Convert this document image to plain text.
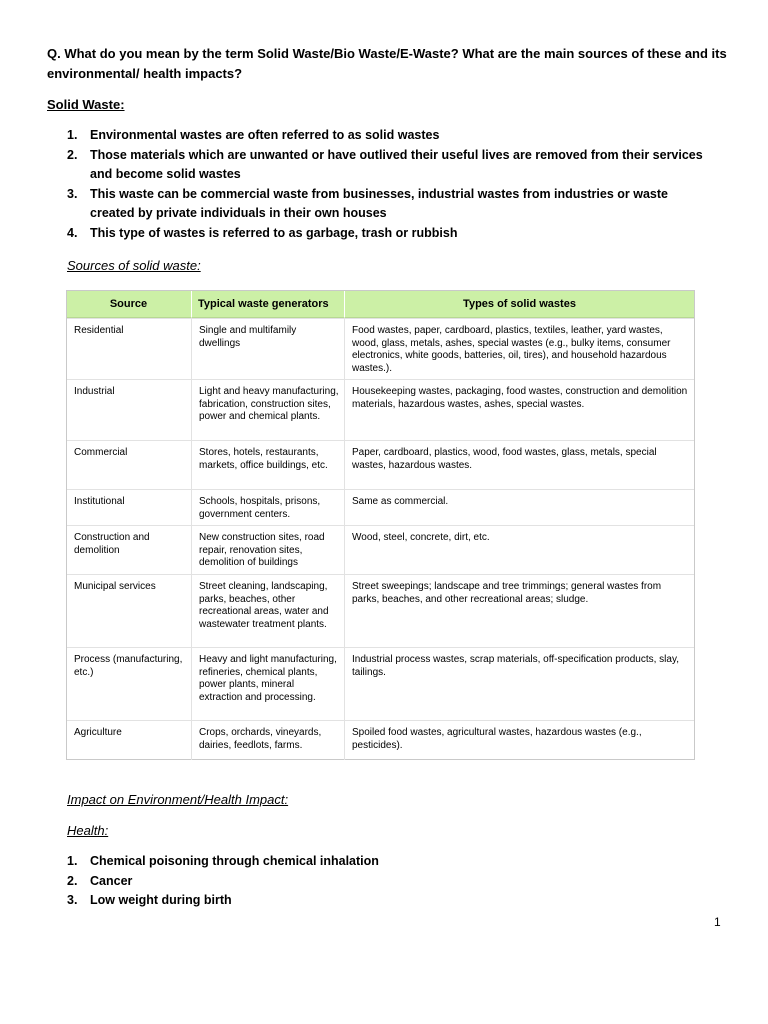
Q. What do you mean by the term Solid Waste/Bio Waste/E-Waste? What are the main sources of these and its environmental/ health impacts?
Solid Waste:
1. Environmental wastes are often referred to as solid wastes
2. Those materials which are unwanted or have outlived their useful lives are removed from their services and become solid wastes
3. This waste can be commercial waste from businesses, industrial wastes from industries or waste created by private individuals in their own houses
4. This type of wastes is referred to as garbage, trash or rubbish
Sources of solid waste:
Source	Typical waste generators	Types of solid wastes
Residential	Single and multifamily dwellings	Food wastes, paper, cardboard, plastics, textiles, leather, yard wastes, wood, glass, metals, ashes, special wastes (e.g., bulky items, consumer electronics, white goods, batteries, oil, tires), and household hazardous wastes.).
Industrial	Light and heavy manufacturing, fabrication, construction sites, power and chemical plants.	Housekeeping wastes, packaging, food wastes, construction and demolition materials, hazardous wastes, ashes, special wastes.
Commercial	Stores, hotels, restaurants, markets, office buildings, etc.	Paper, cardboard, plastics, wood, food wastes, glass, metals, special wastes, hazardous wastes.
Institutional	Schools, hospitals, prisons, government centers.	Same as commercial.
Construction and demolition	New construction sites, road repair, renovation sites, demolition of buildings	Wood, steel, concrete, dirt, etc.
Municipal services	Street cleaning, landscaping, parks, beaches, other recreational areas, water and wastewater treatment plants.	Street sweepings; landscape and tree trimmings; general wastes from parks, beaches, and other recreational areas; sludge.
Process (manufacturing, etc.)	Heavy and light manufacturing, refineries, chemical plants, power plants, mineral extraction and processing.	Industrial process wastes, scrap materials, off-specification products, slay, tailings.
Agriculture	Crops, orchards, vineyards, dairies, feedlots, farms.	Spoiled food wastes, agricultural wastes, hazardous wastes (e.g., pesticides).
Impact on Environment/Health Impact:
Health:
1. Chemical poisoning through chemical inhalation
2. Cancer
3. Low weight during birth
1
